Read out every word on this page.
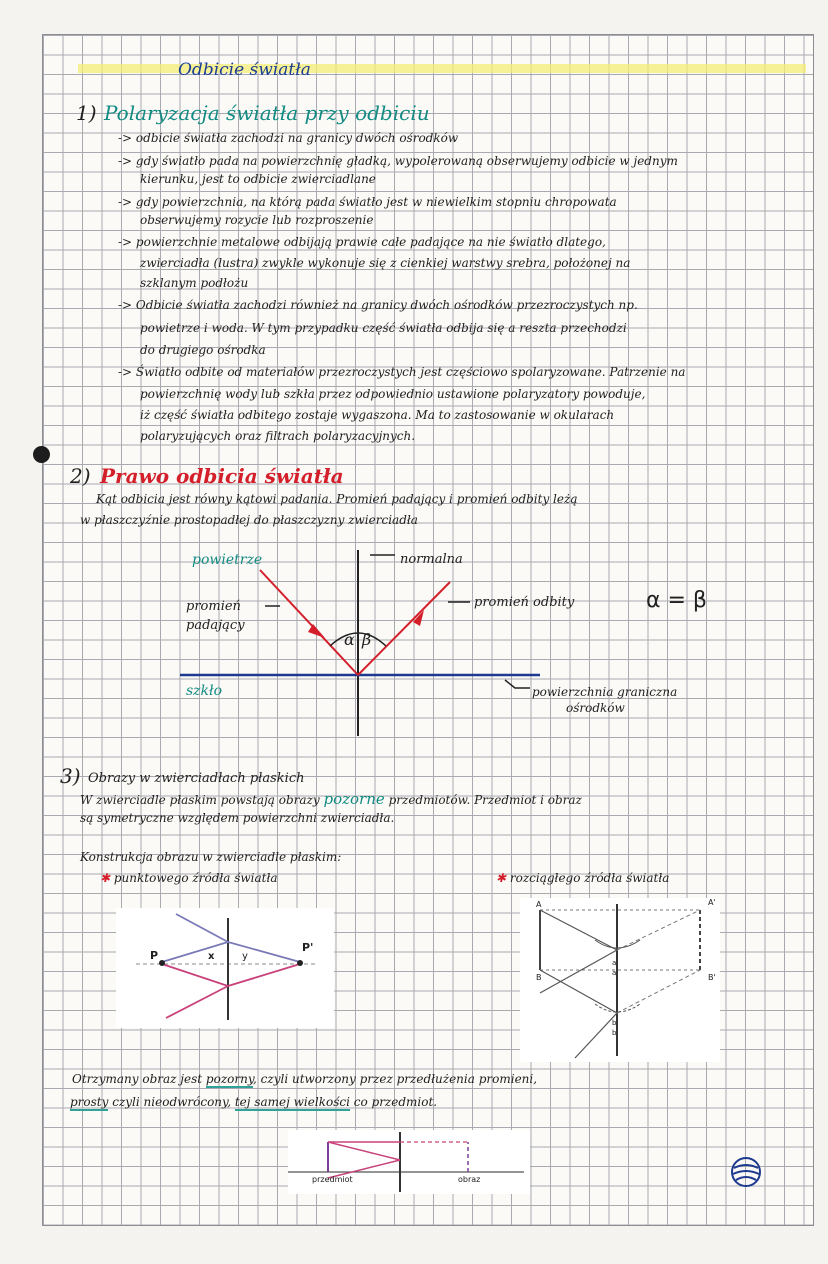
Odbicie światła
1) Polaryzacja światła przy odbiciu
-> odbicie światła zachodzi na granicy dwóch ośrodków
-> gdy światło pada na powierzchnię gładką, wypolerowaną obserwujemy odbicie w jednym
kierunku, jest to odbicie zwierciadlane
-> gdy powierzchnia, na którą pada światło jest w niewielkim stopniu chropowata
obserwujemy rozycie lub rozproszenie
-> powierzchnie metalowe odbijają prawie całe padające na nie światło dlatego,
zwierciadła (lustra) zwykle wykonuje się z cienkiej warstwy srebra, położonej na
szklanym podłożu
-> Odbicie światła zachodzi również na granicy dwóch ośrodków przezroczystych np.
powietrze i woda. W tym przypadku część światła odbija się a reszta przechodzi
do drugiego ośrodka
-> Światło odbite od materiałów przezroczystych jest częściowo spolaryzowane. Patrzenie na
powierzchnię wody lub szkła przez odpowiednio ustawione polaryzatory powoduje,
iż część światła odbitego zostaje wygaszona. Ma to zastosowanie w okularach
polaryzujących oraz filtrach polaryzacyjnych.
2) Prawo odbicia światła
Kąt odbicia jest równy kątowi padania. Promień padający i promień odbity leżą
w płaszczyźnie prostopadłej do płaszczyzny zwierciadła
powietrze	normalna
promień
padający
promień odbity
α β
α = β
szkło	powierzchnia graniczna
ośrodków
3) Obrazy w zwierciadłach płaskich
W zwierciadle płaskim powstają obrazy pozorne przedmiotów. Przedmiot i obraz
są symetryczne względem powierzchni zwierciadła.
Konstrukcja obrazu w zwierciadle płaskim:
✱ punktowego źródła światła	✱ rozciągłego źródła światła
P	x	y
P'
A	A'
B	B'
a
a
b
b
Otrzymany obraz jest pozorny, czyli utworzony przez przedłużenia promieni,
prosty czyli nieodwrócony, tej samej wielkości co przedmiot.
przedmiot	obraz
